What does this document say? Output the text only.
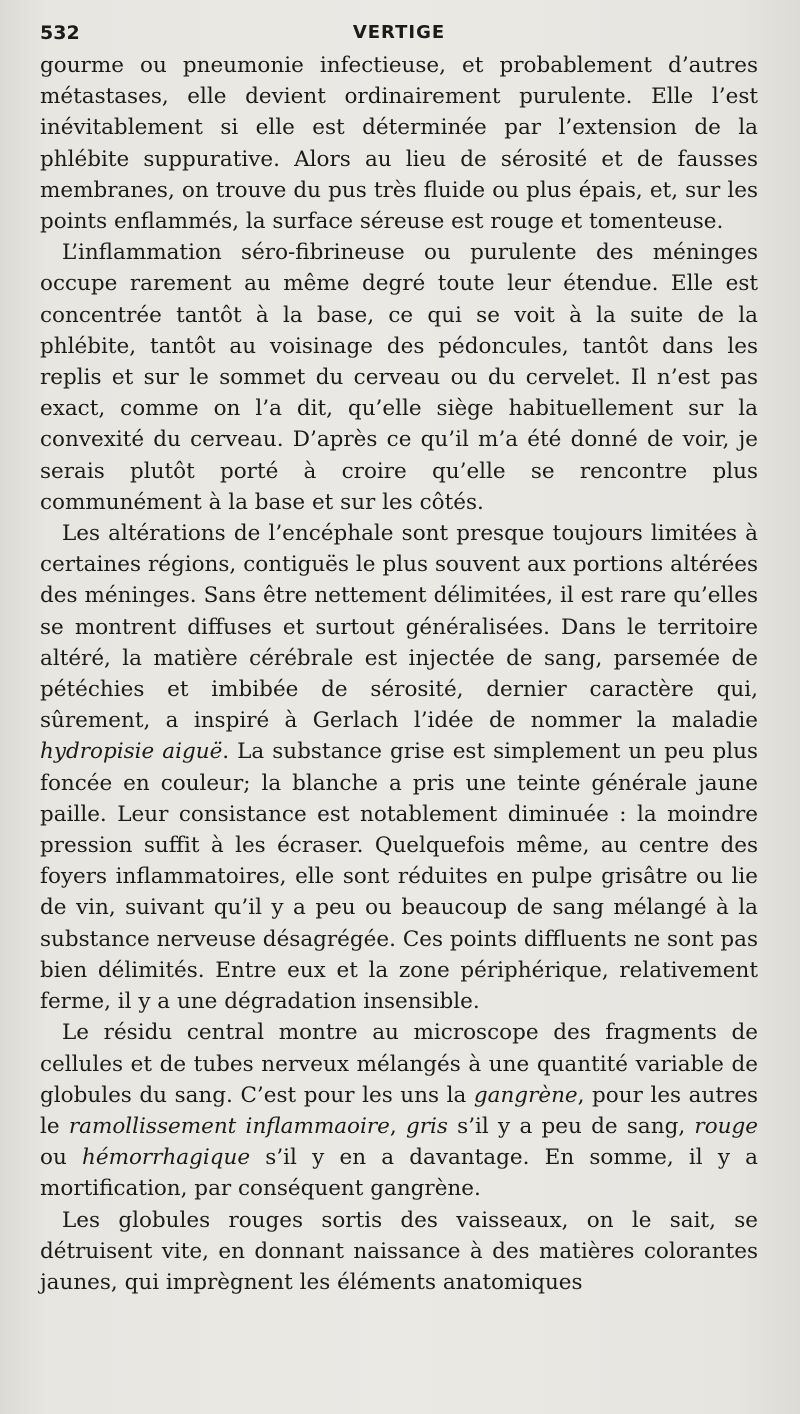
532	VERTIGE

gourme ou pneumonie infectieuse, et probablement d’autres métastases, elle devient ordinairement purulente. Elle l’est inévitablement si elle est déterminée par l’extension de la phlébite suppurative. Alors au lieu de sérosité et de fausses membranes, on trouve du pus très fluide ou plus épais, et, sur les points enflammés, la surface séreuse est rouge et tomenteuse.

L’inflammation séro-fibrineuse ou purulente des méninges occupe rarement au même degré toute leur étendue. Elle est concentrée tantôt à la base, ce qui se voit à la suite de la phlébite, tantôt au voisinage des pédoncules, tantôt dans les replis et sur le sommet du cerveau ou du cervelet. Il n’est pas exact, comme on l’a dit, qu’elle siège habituellement sur la convexité du cerveau. D’après ce qu’il m’a été donné de voir, je serais plutôt porté à croire qu’elle se rencontre plus communément à la base et sur les côtés.

Les altérations de l’encéphale sont presque toujours limitées à certaines régions, contiguës le plus souvent aux portions altérées des méninges. Sans être nettement délimitées, il est rare qu’elles se montrent diffuses et surtout généralisées. Dans le territoire altéré, la matière cérébrale est injectée de sang, parsemée de pétéchies et imbibée de sérosité, dernier caractère qui, sûrement, a inspiré à Gerlach l’idée de nommer la maladie hydropisie aiguë. La substance grise est simplement un peu plus foncée en couleur; la blanche a pris une teinte générale jaune paille. Leur consistance est notablement diminuée : la moindre pression suffit à les écraser. Quelquefois même, au centre des foyers inflammatoires, elle sont réduites en pulpe grisâtre ou lie de vin, suivant qu’il y a peu ou beaucoup de sang mélangé à la substance nerveuse désagrégée. Ces points diffluents ne sont pas bien délimités. Entre eux et la zone périphérique, relativement ferme, il y a une dégradation insensible.

Le résidu central montre au microscope des fragments de cellules et de tubes nerveux mélangés à une quantité variable de globules du sang. C’est pour les uns la gangrène, pour les autres le ramollissement inflammaoire, gris s’il y a peu de sang, rouge ou hémorrhagique s’il y en a davantage. En somme, il y a mortification, par conséquent gangrène.

Les globules rouges sortis des vaisseaux, on le sait, se détruisent vite, en donnant naissance à des matières colorantes jaunes, qui imprègnent les éléments anatomiques
